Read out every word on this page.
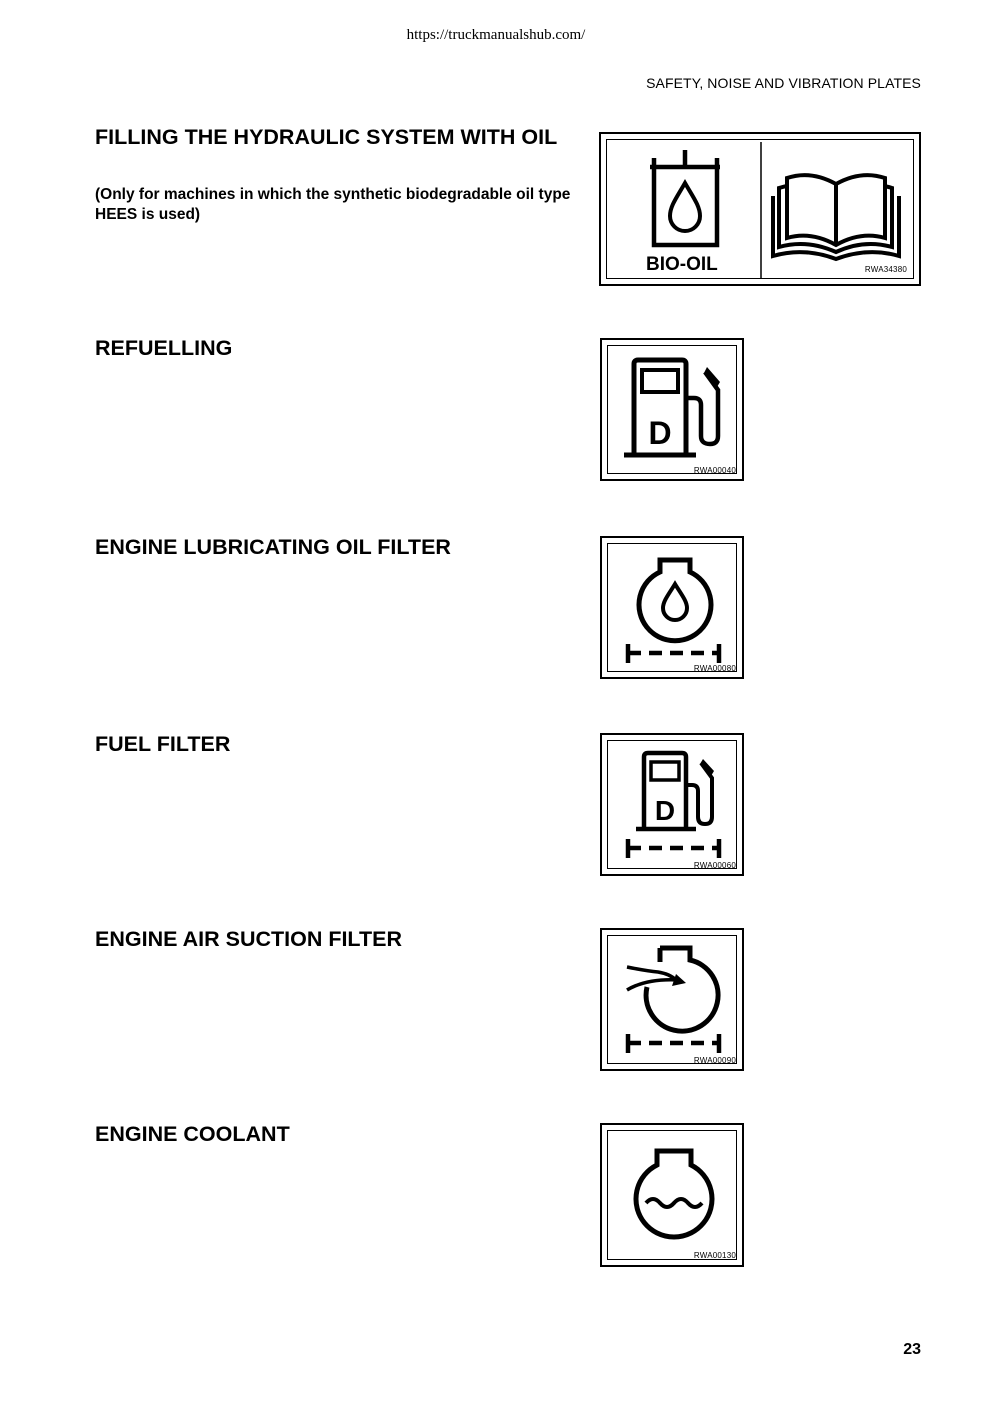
https://truckmanualshub.com/
SAFETY, NOISE AND VIBRATION PLATES
FILLING THE HYDRAULIC SYSTEM WITH OIL
(Only for machines in which the synthetic biodegradable oil type HEES is used)
BIO-OIL	RWA34380
REFUELLING
D
RWA00040
ENGINE LUBRICATING OIL FILTER
RWA00080
FUEL FILTER
D
RWA00060
ENGINE AIR SUCTION FILTER
RWA00090
ENGINE COOLANT
RWA00130
23
